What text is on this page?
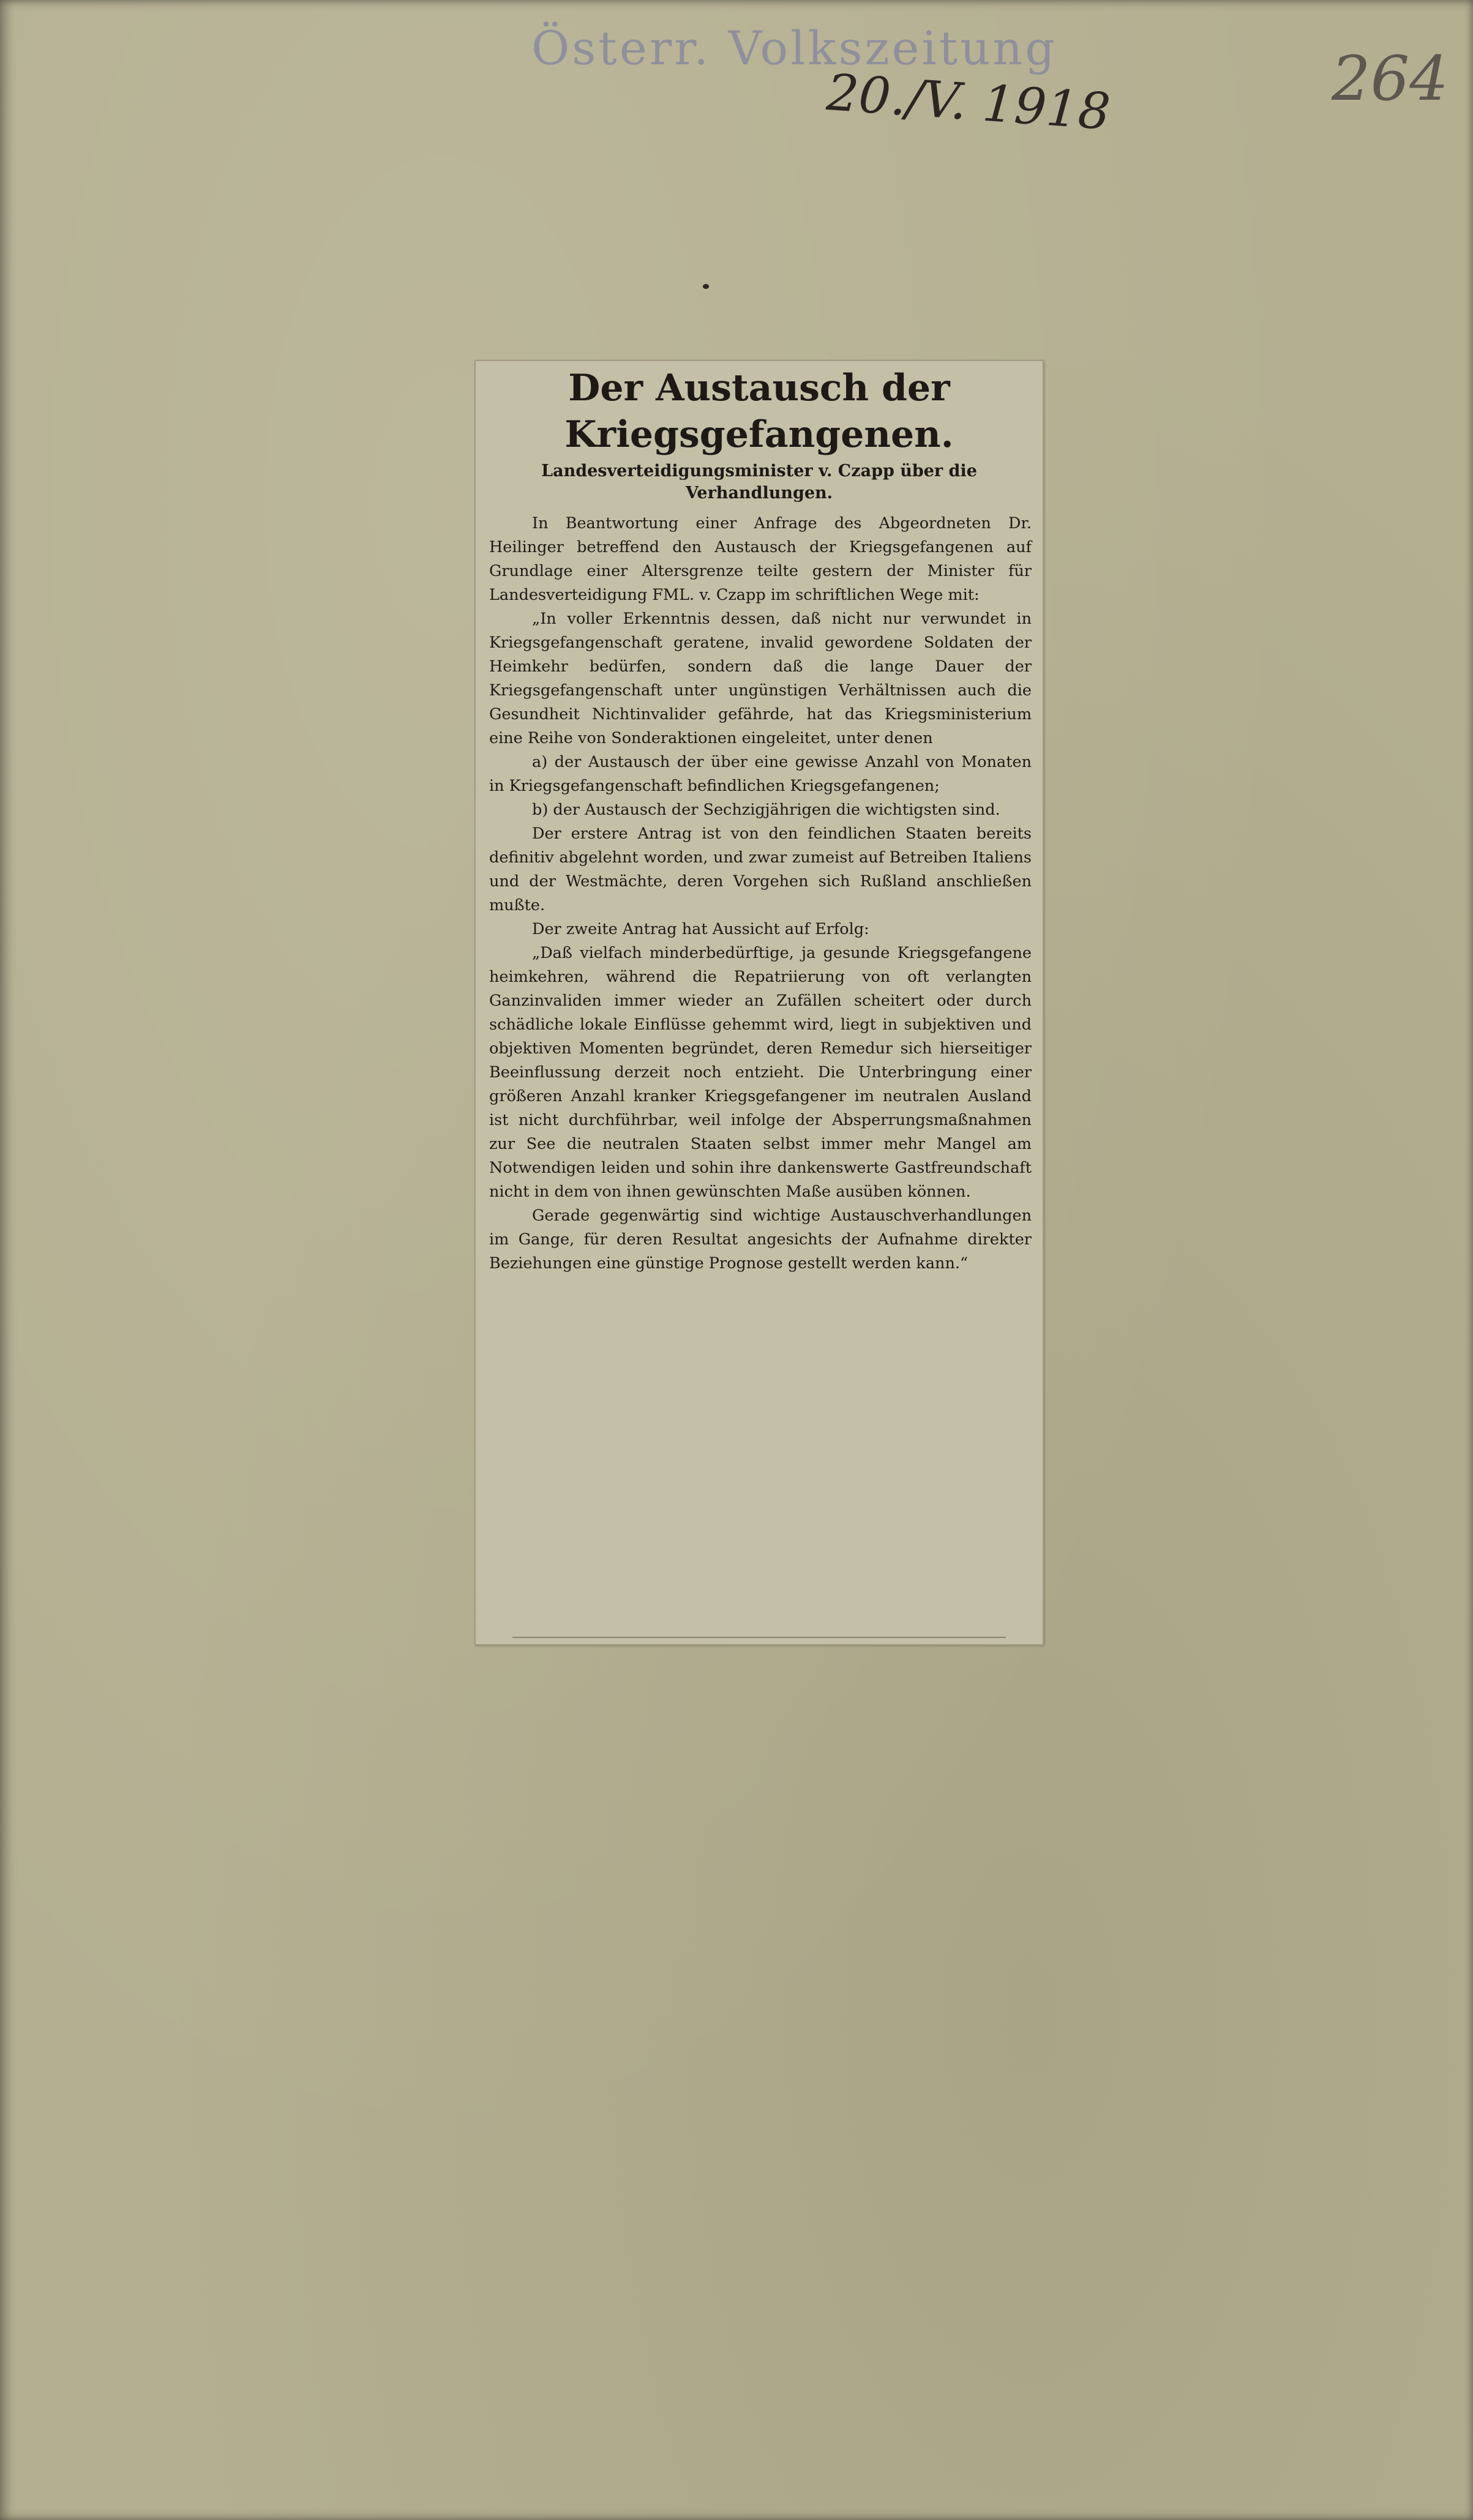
Österr. Volkszeitung
20./V. 1918	264
Der Austausch der Kriegsgefangenen.
Landesverteidigungsminister v. Czapp über die Verhandlungen.

In Beantwortung einer Anfrage des Abgeordneten Dr. Heilinger betreffend den Austausch der Kriegsgefangenen auf Grundlage einer Altersgrenze teilte gestern der Minister für Landesverteidigung FML. v. Czapp im schriftlichen Wege mit:

„In voller Erkenntnis dessen, daß nicht nur verwundet in Kriegsgefangenschaft geratene, invalid gewordene Soldaten der Heimkehr bedürfen, sondern daß die lange Dauer der Kriegsgefangenschaft unter ungünstigen Verhältnissen auch die Gesundheit Nichtinvalider gefährde, hat das Kriegsministerium eine Reihe von Sonderaktionen eingeleitet, unter denen

a) der Austausch der über eine gewisse Anzahl von Monaten in Kriegsgefangenschaft befindlichen Kriegsgefangenen;

b) der Austausch der Sechzigjährigen die wichtigsten sind.

Der erstere Antrag ist von den feindlichen Staaten bereits definitiv abgelehnt worden, und zwar zumeist auf Betreiben Italiens und der Westmächte, deren Vorgehen sich Rußland anschließen mußte.

Der zweite Antrag hat Aussicht auf Erfolg:

„Daß vielfach minderbedürftige, ja gesunde Kriegsgefangene heimkehren, während die Repatriierung von oft verlangten Ganzinvaliden immer wieder an Zufällen scheitert oder durch schädliche lokale Einflüsse gehemmt wird, liegt in subjektiven und objektiven Momenten begründet, deren Remedur sich hierseitiger Beeinflussung derzeit noch entzieht. Die Unterbringung einer größeren Anzahl kranker Kriegsgefangener im neutralen Ausland ist nicht durchführbar, weil infolge der Absperrungsmaßnahmen zur See die neutralen Staaten selbst immer mehr Mangel am Notwendigen leiden und sohin ihre dankenswerte Gastfreundschaft nicht in dem von ihnen gewünschten Maße ausüben können.

Gerade gegenwärtig sind wichtige Austauschverhandlungen im Gange, für deren Resultat angesichts der Aufnahme direkter Beziehungen eine günstige Prognose gestellt werden kann.“
